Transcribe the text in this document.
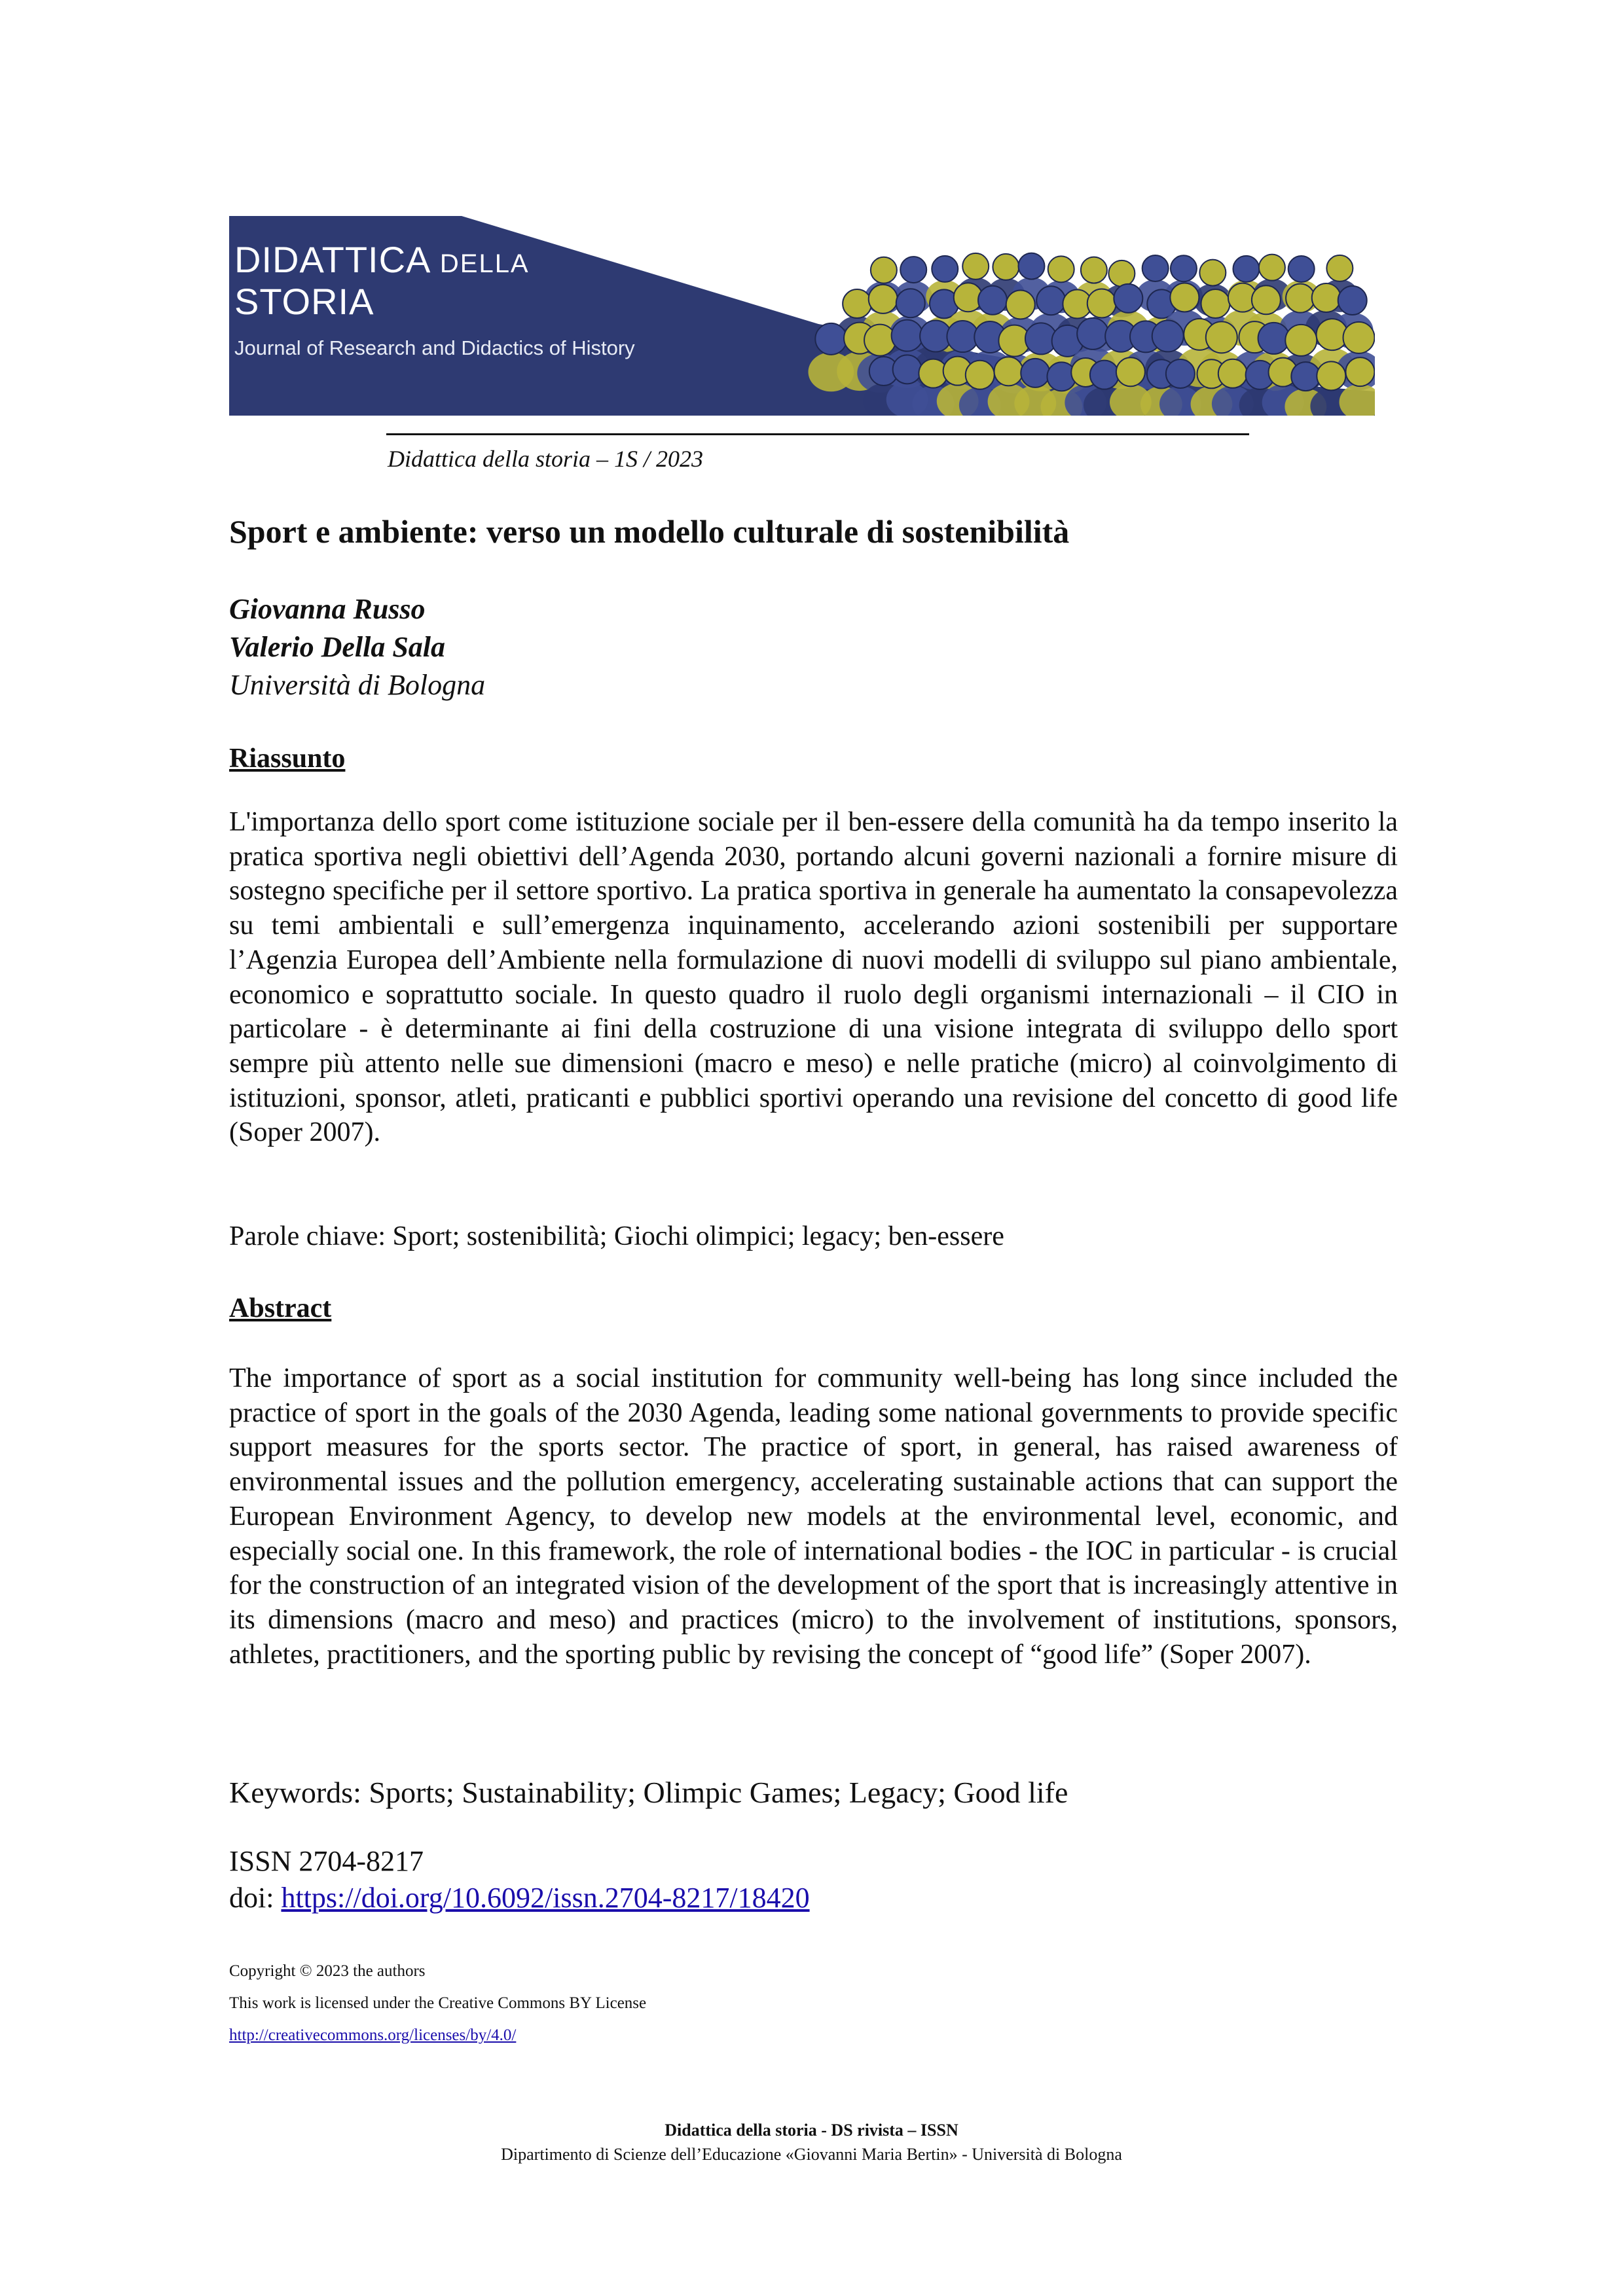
DIDATTICA DELLA
STORIA
Journal of Research and Didactics of History
Didattica della storia – 1S / 2023
Sport e ambiente: verso un modello culturale di sostenibilità
Giovanna Russo
Valerio Della Sala
Università di Bologna
Riassunto
L'importanza dello sport come istituzione sociale per il ben-essere della comunità ha da tempo inserito la pratica sportiva negli obiettivi dell’Agenda 2030, portando alcuni governi nazionali a fornire misure di sostegno specifiche per il settore sportivo. La pratica sportiva in generale ha aumentato la consapevolezza su temi ambientali e sull’emergenza inquinamento, accelerando azioni sostenibili per supportare l’Agenzia Europea dell’Ambiente nella formulazione di nuovi modelli di sviluppo sul piano ambientale, economico e soprattutto sociale. In questo quadro il ruolo degli organismi internazionali – il CIO in particolare - è determinante ai fini della costruzione di una visione integrata di sviluppo dello sport sempre più attento nelle sue dimensioni (macro e meso) e nelle pratiche (micro) al coinvolgimento di istituzioni, sponsor, atleti, praticanti e pubblici sportivi operando una revisione del concetto di good life (Soper 2007).
Parole chiave: Sport; sostenibilità; Giochi olimpici; legacy; ben-essere
Abstract
The importance of sport as a social institution for community well-being has long since included the practice of sport in the goals of the 2030 Agenda, leading some national governments to provide specific support measures for the sports sector. The practice of sport, in general, has raised awareness of environmental issues and the pollution emergency, accelerating sustainable actions that can support the European Environment Agency, to develop new models at the environmental level, economic, and especially social one. In this framework, the role of international bodies - the IOC in particular - is crucial for the construction of an integrated vision of the development of the sport that is increasingly attentive in its dimensions (macro and meso) and practices (micro) to the involvement of institutions, sponsors, athletes, practitioners, and the sporting public by revising the concept of “good life” (Soper 2007).
Keywords: Sports; Sustainability; Olimpic Games; Legacy; Good life
ISSN 2704-8217
doi: https://doi.org/10.6092/issn.2704-8217/18420
Copyright © 2023 the authors
This work is licensed under the Creative Commons BY License
http://creativecommons.org/licenses/by/4.0/
Didattica della storia - DS rivista – ISSN
Dipartimento di Scienze dell’Educazione «Giovanni Maria Bertin» - Università di Bologna
